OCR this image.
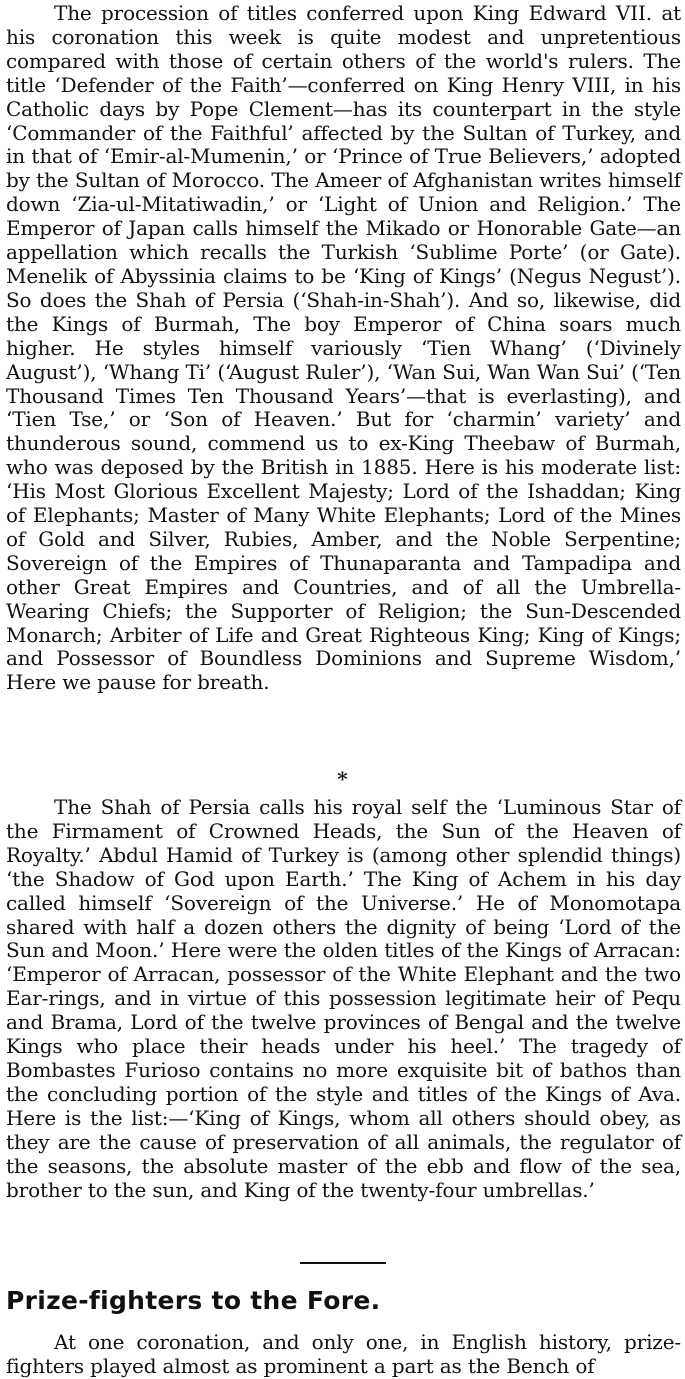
The procession of titles conferred upon King Edward VII. at his coronation this week is quite modest and unpretentious compared with those of certain others of the world's rulers. The title ‘Defender of the Faith’—conferred on King Henry VIII, in his Catholic days by Pope Clement—has its counterpart in the style ‘Commander of the Faithful’ affected by the Sultan of Turkey, and in that of ‘Emir-al-Mumenin,’ or ‘Prince of True Believers,’ adopted by the Sultan of Morocco. The Ameer of Afghanistan writes himself down ‘Zia-ul-Mitatiwadin,’ or ‘Light of Union and Religion.’ The Emperor of Japan calls himself the Mikado or Honorable Gate—an appellation which recalls the Turkish ‘Sublime Porte’ (or Gate). Menelik of Abyssinia claims to be ‘King of Kings’ (Negus Negust’). So does the Shah of Persia (‘Shah-in-Shah’). And so, likewise, did the Kings of Burmah, The boy Emperor of China soars much higher. He styles himself variously ‘Tien Whang’ (‘Divinely August’), ‘Whang Ti’ (‘August Ruler’), ‘Wan Sui, Wan Wan Sui’ (‘Ten Thousand Times Ten Thousand Years’—that is everlasting), and ‘Tien Tse,’ or ‘Son of Heaven.’ But for ‘charmin’ variety’ and thunderous sound, commend us to ex-King Theebaw of Burmah, who was deposed by the British in 1885. Here is his moderate list: ‘His Most Glorious Excellent Majesty; Lord of the Ishaddan; King of Elephants; Master of Many White Elephants; Lord of the Mines of Gold and Silver, Rubies, Amber, and the Noble Serpentine; Sovereign of the Empires of Thunaparanta and Tampadipa and other Great Empires and Countries, and of all the Umbrella-Wearing Chiefs; the Supporter of Religion; the Sun-Descended Monarch; Arbiter of Life and Great Righteous King; King of Kings; and Possessor of Boundless Dominions and Supreme Wisdom,’ Here we pause for breath.

*

The Shah of Persia calls his royal self the ‘Luminous Star of the Firmament of Crowned Heads, the Sun of the Heaven of Royalty.’ Abdul Hamid of Turkey is (among other splendid things) ‘the Shadow of God upon Earth.’ The King of Achem in his day called himself ‘Sovereign of the Universe.’ He of Monomotapa shared with half a dozen others the dignity of being ‘Lord of the Sun and Moon.’ Here were the olden titles of the Kings of Arracan: ‘Emperor of Arracan, possessor of the White Elephant and the two Ear-rings, and in virtue of this possession legitimate heir of Pequ and Brama, Lord of the twelve provinces of Bengal and the twelve Kings who place their heads under his heel.’ The tragedy of Bombastes Furioso contains no more exquisite bit of bathos than the concluding portion of the style and titles of the Kings of Ava. Here is the list:—‘King of Kings, whom all others should obey, as they are the cause of preservation of all animals, the regulator of the seasons, the absolute master of the ebb and flow of the sea, brother to the sun, and King of the twenty-four umbrellas.’

Prize-fighters to the Fore.

At one coronation, and only one, in English history, prize-fighters played almost as prominent a part as the Bench of
